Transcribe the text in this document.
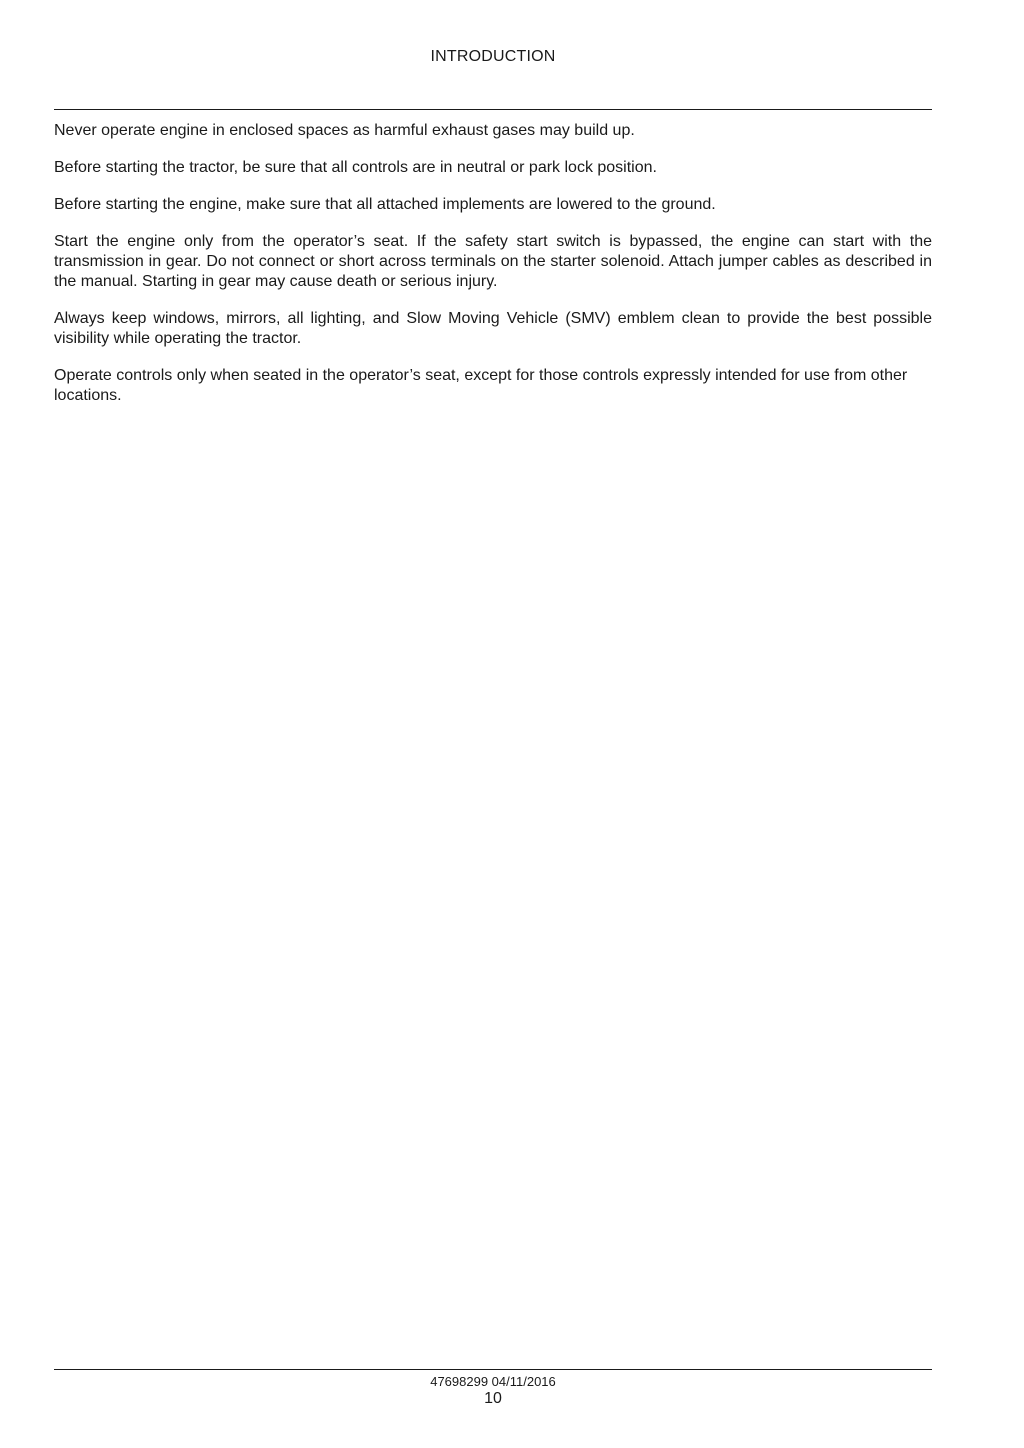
INTRODUCTION

Never operate engine in enclosed spaces as harmful exhaust gases may build up.

Before starting the tractor, be sure that all controls are in neutral or park lock position.

Before starting the engine, make sure that all attached implements are lowered to the ground.

Start the engine only from the operator’s seat. If the safety start switch is bypassed, the engine can start with the transmission in gear. Do not connect or short across terminals on the starter solenoid. Attach jumper cables as described in the manual. Starting in gear may cause death or serious injury.

Always keep windows, mirrors, all lighting, and Slow Moving Vehicle (SMV) emblem clean to provide the best possible visibility while operating the tractor.

Operate controls only when seated in the operator’s seat, except for those controls expressly intended for use from other locations.

47698299 04/11/2016
10
